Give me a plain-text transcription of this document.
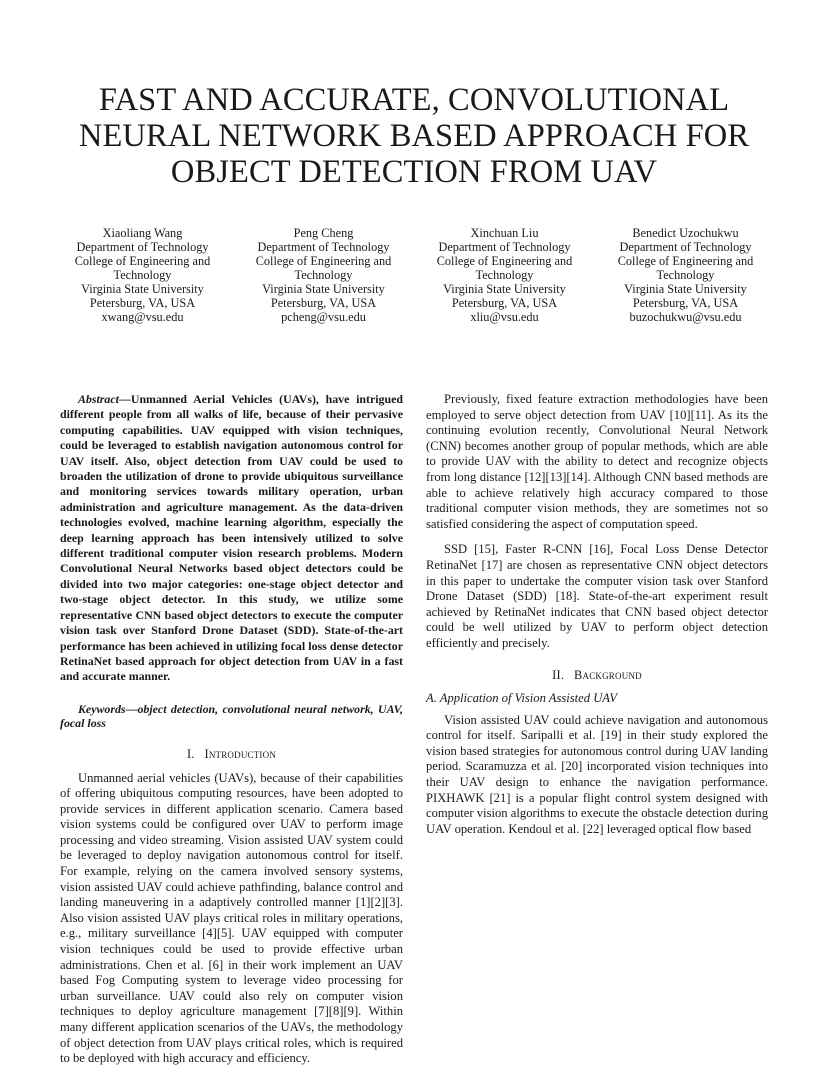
FAST AND ACCURATE, CONVOLUTIONAL
NEURAL NETWORK BASED APPROACH FOR
OBJECT DETECTION FROM UAV
Xiaoliang Wang
Department of Technology
College of Engineering and
Technology
Virginia State University
Petersburg, VA, USA
xwang@vsu.edu
Peng Cheng
Department of Technology
College of Engineering and
Technology
Virginia State University
Petersburg, VA, USA
pcheng@vsu.edu
Xinchuan Liu
Department of Technology
College of Engineering and
Technology
Virginia State University
Petersburg, VA, USA
xliu@vsu.edu
Benedict Uzochukwu
Department of Technology
College of Engineering and
Technology
Virginia State University
Petersburg, VA, USA
buzochukwu@vsu.edu

Abstract—Unmanned Aerial Vehicles (UAVs), have intrigued different people from all walks of life, because of their pervasive computing capabilities. UAV equipped with vision techniques, could be leveraged to establish navigation autonomous control for UAV itself. Also, object detection from UAV could be used to broaden the utilization of drone to provide ubiquitous surveillance and monitoring services towards military operation, urban administration and agriculture management. As the data-driven technologies evolved, machine learning algorithm, especially the deep learning approach has been intensively utilized to solve different traditional computer vision research problems. Modern Convolutional Neural Networks based object detectors could be divided into two major categories: one-stage object detector and two-stage object detector. In this study, we utilize some representative CNN based object detectors to execute the computer vision task over Stanford Drone Dataset (SDD). State-of-the-art performance has been achieved in utilizing focal loss dense detector RetinaNet based approach for object detection from UAV in a fast and accurate manner.

Keywords—object detection, convolutional neural network, UAV, focal loss

I. Introduction

Unmanned aerial vehicles (UAVs), because of their capabilities of offering ubiquitous computing resources, have been adopted to provide services in different application scenario. Camera based vision systems could be configured over UAV to perform image processing and video streaming. Vision assisted UAV system could be leveraged to deploy navigation autonomous control for itself. For example, relying on the camera involved sensory systems, vision assisted UAV could achieve pathfinding, balance control and landing maneuvering in a adaptively controlled manner [1][2][3]. Also vision assisted UAV plays critical roles in military operations, e.g., military surveillance [4][5]. UAV equipped with computer vision techniques could be used to provide effective urban administrations. Chen et al. [6] in their work implement an UAV based Fog Computing system to leverage video processing for urban surveillance. UAV could also rely on computer vision techniques to deploy agriculture management [7][8][9]. Within many different application scenarios of the UAVs, the methodology of object detection from UAV plays critical roles, which is required to be deployed with high accuracy and efficiency.

Previously, fixed feature extraction methodologies have been employed to serve object detection from UAV [10][11]. As its the continuing evolution recently, Convolutional Neural Network (CNN) becomes another group of popular methods, which are able to provide UAV with the ability to detect and recognize objects from long distance [12][13][14]. Although CNN based methods are able to achieve relatively high accuracy compared to those traditional computer vision methods, they are sometimes not so satisfied considering the aspect of computation speed.

SSD [15], Faster R-CNN [16], Focal Loss Dense Detector RetinaNet [17] are chosen as representative CNN object detectors in this paper to undertake the computer vision task over Stanford Drone Dataset (SDD) [18]. State-of-the-art experiment result achieved by RetinaNet indicates that CNN based object detector could be well utilized by UAV to perform object detection efficiently and precisely.

II. Background
A. Application of Vision Assisted UAV

Vision assisted UAV could achieve navigation and autonomous control for itself. Saripalli et al. [19] in their study explored the vision based strategies for autonomous control during UAV landing period. Scaramuzza et al. [20] incorporated vision techniques into their UAV design to enhance the navigation performance. PIXHAWK [21] is a popular flight control system designed with computer vision algorithms to execute the obstacle detection during UAV operation. Kendoul et al. [22] leveraged optical flow based
